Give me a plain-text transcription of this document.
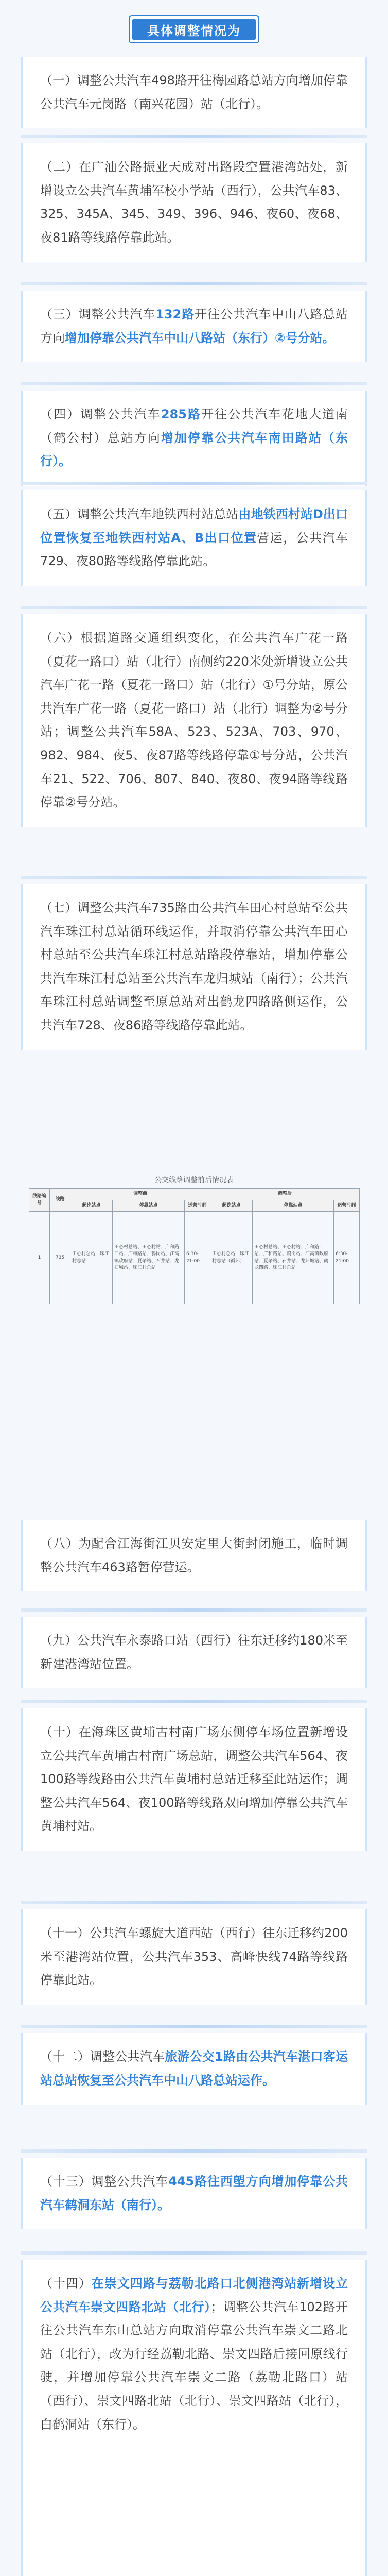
具体调整情况为
（一）调整公共汽车498路开往梅园路总站方向增加停靠公共汽车元岗路（南兴花园）站（北行）。
（二）在广汕公路振业天成对出路段空置港湾站处，新增设立公共汽车黄埔军校小学站（西行），公共汽车83、325、345A、345、349、396、946、夜60、夜68、夜81路等线路停靠此站。
（三）调整公共汽车132路开往公共汽车中山八路总站方向增加停靠公共汽车中山八路站（东行）②号分站。
（四）调整公共汽车285路开往公共汽车花地大道南（鹤公村）总站方向增加停靠公共汽车南田路站（东行）。
（五）调整公共汽车地铁西村站总站由地铁西村站D出口位置恢复至地铁西村站A、B出口位置营运，公共汽车729、夜80路等线路停靠此站。
（六）根据道路交通组织变化，在公共汽车广花一路（夏花一路口）站（北行）南侧约220米处新增设立公共汽车广花一路（夏花一路口）站（北行）①号分站，原公共汽车广花一路（夏花一路口）站（北行）调整为②号分站；调整公共汽车58A、523、523A、703、970、982、984、夜5、夜87路等线路停靠①号分站，公共汽车21、522、706、807、840、夜80、夜94路等线路停靠②号分站。
（七）调整公共汽车735路由公共汽车田心村总站至公共汽车珠江村总站循环线运作，并取消停靠公共汽车田心村总站至公共汽车珠江村总站路段停靠站，增加停靠公共汽车珠江村总站至公共汽车龙归城站（南行）；公共汽车珠江村总站调整至原总站对出鹤龙四路路侧运作，公共汽车728、夜86路等线路停靠此站。
公交线路调整前后情况表
线路编号	线路	调整前			调整后		
		起讫站点	停靠站点	运营时间	起讫站点	停靠站点	运营时间
1	735	田心村总站－珠江村总站	田心村总站、田心村站、广和路口站、广和路站、鸦岗站、江高镇政府站、夏茅站、石井站、龙归城站、珠江村总站	6:30-21:00	田心村总站－珠江村总站（循环）	田心村总站、田心村站、广和路口站、广和路站、鸦岗站、江高镇政府站、夏茅站、石井站、龙归城站、鹤龙四路、珠江村总站	6:30-21:00
（八）为配合江海街江贝安定里大街封闭施工，临时调整公共汽车463路暂停营运。
（九）公共汽车永泰路口站（西行）往东迁移约180米至新建港湾站位置。
（十）在海珠区黄埔古村南广场东侧停车场位置新增设立公共汽车黄埔古村南广场总站，调整公共汽车564、夜100路等线路由公共汽车黄埔村总站迁移至此站运作；调整公共汽车564、夜100路等线路双向增加停靠公共汽车黄埔村站。
（十一）公共汽车螺旋大道西站（西行）往东迁移约200米至港湾站位置，公共汽车353、高峰快线74路等线路停靠此站。
（十二）调整公共汽车旅游公交1路由公共汽车湛口客运站总站恢复至公共汽车中山八路总站运作。
（十三）调整公共汽车445路往西塱方向增加停靠公共汽车鹤洞东站（南行）。
（十四）在崇文四路与荔勒北路口北侧港湾站新增设立公共汽车崇文四路北站（北行）；调整公共汽车102路开往公共汽车东山总站方向取消停靠公共汽车崇文二路北站（北行），改为行经荔勒北路、崇文四路后接回原线行驶，并增加停靠公共汽车崇文二路（荔勒北路口）站（西行）、崇文四路北站（北行）、崇文四路站（北行），白鹤洞站（东行）。
